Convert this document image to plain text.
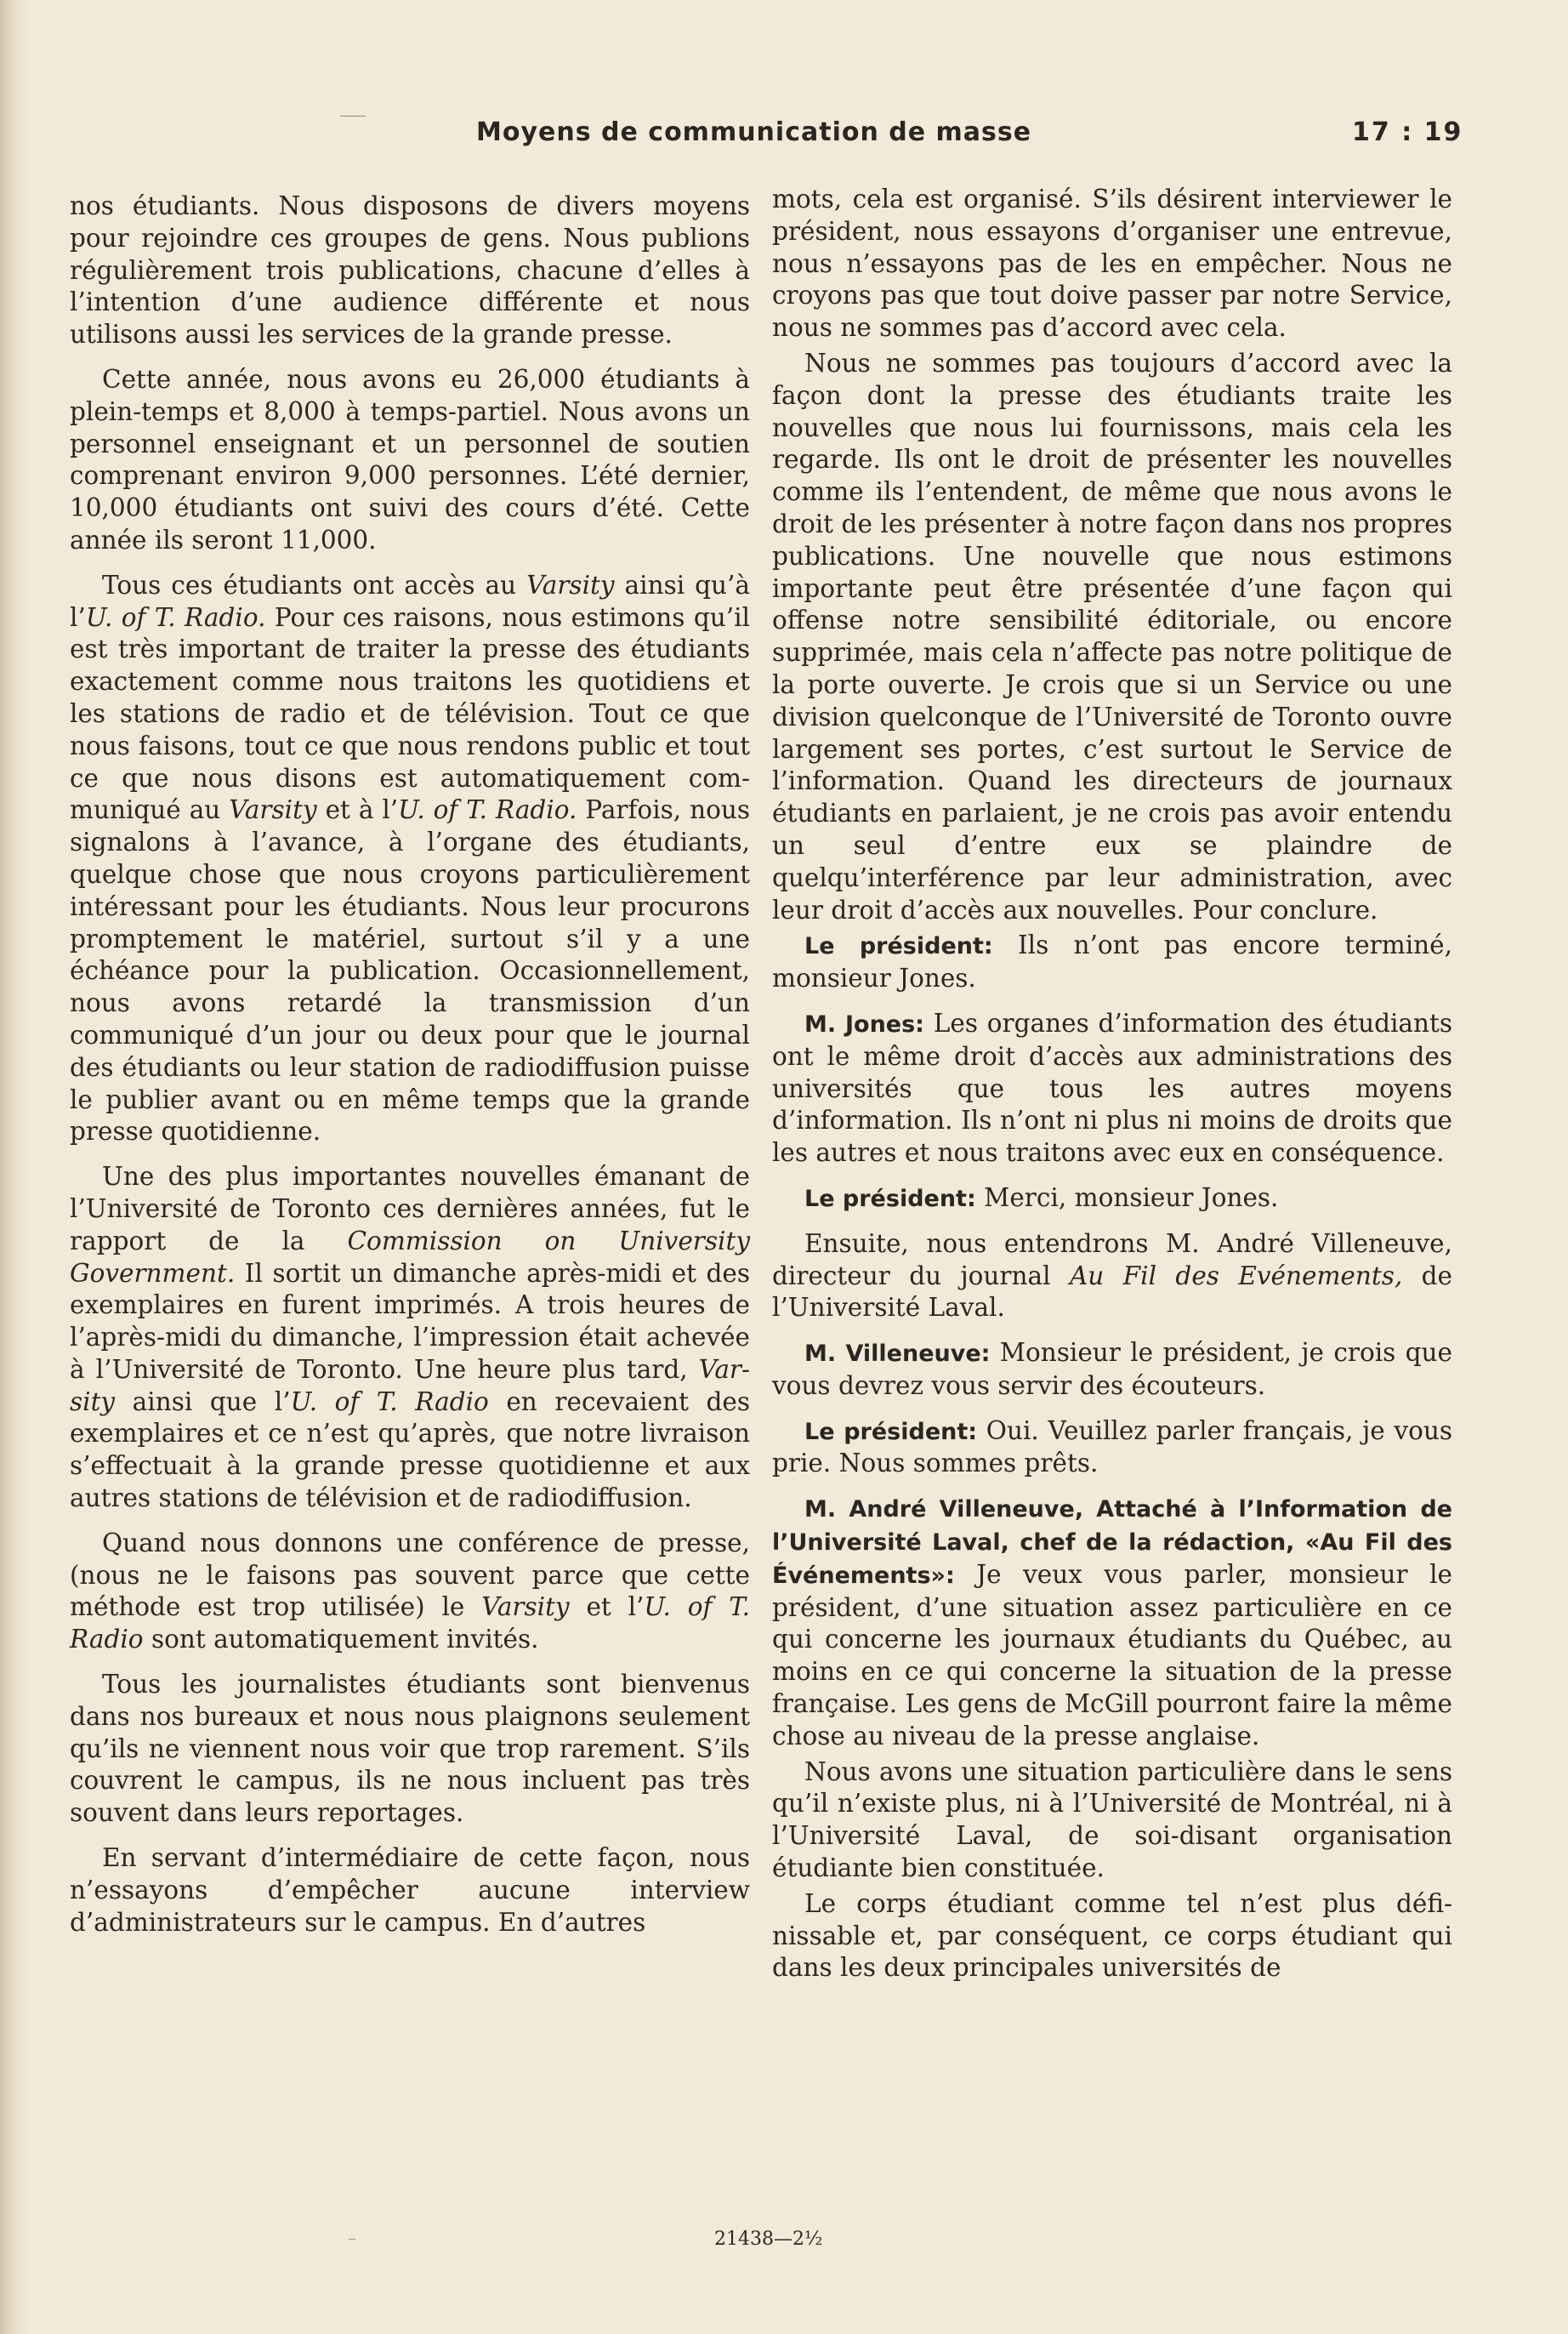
Moyens de communication de masse	17 : 19

nos étudiants. Nous disposons de divers moyens pour rejoindre ces groupes de gens. Nous publions régulièrement trois publications, chacune d’elles à l’intention d’une audience différente et nous utilisons aussi les services de la grande presse.

Cette année, nous avons eu 26,000 étudiants à plein-temps et 8,000 à temps-partiel. Nous avons un personnel enseignant et un personnel de soutien comprenant environ 9,000 personnes. L’été dernier, 10,000 étudiants ont suivi des cours d’été. Cette année ils seront 11,000.

Tous ces étudiants ont accès au Varsity ainsi qu’à l’U. of T. Radio. Pour ces raisons, nous estimons qu’il est très important de traiter la presse des étudiants exactement comme nous traitons les quotidiens et les stations de radio et de télévision. Tout ce que nous faisons, tout ce que nous rendons public et tout ce que nous disons est automatiquement communiqué au Varsity et à l’U. of T. Radio. Parfois, nous signalons à l’avance, à l’organe des étudiants, quelque chose que nous croyons particulièrement intéressant pour les étudiants. Nous leur procurons promptement le matériel, surtout s’il y a une échéance pour la publication. Occasionnellement, nous avons retardé la transmission d’un communiqué d’un jour ou deux pour que le journal des étudiants ou leur station de radiodiffusion puisse le publier avant ou en même temps que la grande presse quotidienne.

Une des plus importantes nouvelles émanant de l’Université de Toronto ces dernières années, fut le rapport de la Commission on University Government. Il sortit un dimanche après-midi et des exemplaires en furent imprimés. A trois heures de l’après-midi du dimanche, l’impression était achevée à l’Université de Toronto. Une heure plus tard, Varsity ainsi que l’U. of T. Radio en recevaient des exemplaires et ce n’est qu’après, que notre livraison s’effectuait à la grande presse quotidienne et aux autres stations de télévision et de radiodiffusion.

Quand nous donnons une conférence de presse, (nous ne le faisons pas souvent parce que cette méthode est trop utilisée) le Varsity et l’U. of T. Radio sont automatiquement invités.

Tous les journalistes étudiants sont bienvenus dans nos bureaux et nous nous plaignons seulement qu’ils ne viennent nous voir que trop rarement. S’ils couvrent le campus, ils ne nous incluent pas très souvent dans leurs reportages.

En servant d’intermédiaire de cette façon, nous n’essayons d’empêcher aucune interview d’administrateurs sur le campus. En d’autres

mots, cela est organisé. S’ils désirent interviewer le président, nous essayons d’organiser une entrevue, nous n’essayons pas de les en empêcher. Nous ne croyons pas que tout doive passer par notre Service, nous ne sommes pas d’accord avec cela.

Nous ne sommes pas toujours d’accord avec la façon dont la presse des étudiants traite les nouvelles que nous lui fournissons, mais cela les regarde. Ils ont le droit de présenter les nouvelles comme ils l’entendent, de même que nous avons le droit de les présenter à notre façon dans nos propres publications. Une nouvelle que nous estimons importante peut être présentée d’une façon qui offense notre sensibilité éditoriale, ou encore supprimée, mais cela n’affecte pas notre politique de la porte ouverte. Je crois que si un Service ou une division quelconque de l’Université de Toronto ouvre largement ses portes, c’est surtout le Service de l’information. Quand les directeurs de journaux étudiants en parlaient, je ne crois pas avoir entendu un seul d’entre eux se plaindre de quelqu’interférence par leur administration, avec leur droit d’accès aux nouvelles. Pour conclure.

Le président: Ils n’ont pas encore terminé, monsieur Jones.

M. Jones: Les organes d’information des étudiants ont le même droit d’accès aux administrations des universités que tous les autres moyens d’information. Ils n’ont ni plus ni moins de droits que les autres et nous traitons avec eux en conséquence.

Le président: Merci, monsieur Jones.

Ensuite, nous entendrons M. André Villeneuve, directeur du journal Au Fil des Evénements, de l’Université Laval.

M. Villeneuve: Monsieur le président, je crois que vous devrez vous servir des écouteurs.

Le président: Oui. Veuillez parler français, je vous prie. Nous sommes prêts.

M. André Villeneuve, Attaché à l’Information de l’Université Laval, chef de la rédaction, «Au Fil des Événements»: Je veux vous parler, monsieur le président, d’une situation assez particulière en ce qui concerne les journaux étudiants du Québec, au moins en ce qui concerne la situation de la presse française. Les gens de McGill pourront faire la même chose au niveau de la presse anglaise.

Nous avons une situation particulière dans le sens qu’il n’existe plus, ni à l’Université de Montréal, ni à l’Université Laval, de soi-disant organisation étudiante bien constituée.

Le corps étudiant comme tel n’est plus définissable et, par conséquent, ce corps étudiant qui dans les deux principales universités de

21438—2½
